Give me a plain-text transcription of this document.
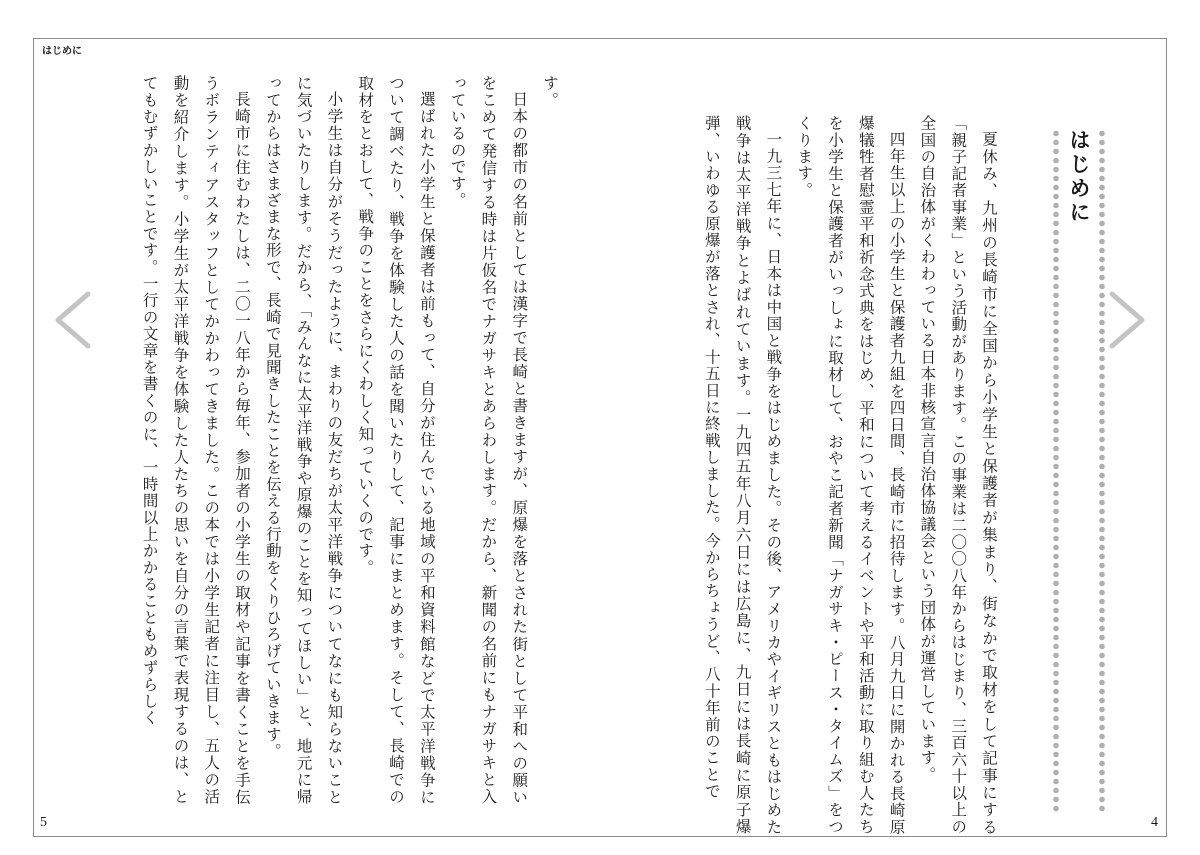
はじめに

す。

日本の都市の名前としては漢字で長崎と書きますが、原爆を落とされた街として平和への願いをこめて発信する時は片仮名でナガサキとあらわします。だから、新聞の名前にもナガサキと入っているのです。

選ばれた小学生と保護者は前もって、自分が住んでいる地域の平和資料館などで太平洋戦争について調べたり、戦争を体験した人の話を聞いたりして、記事にまとめます。そして、長崎での取材をとおして、戦争のことをさらにくわしく知っていくのです。

小学生は自分がそうだったように、まわりの友だちが太平洋戦争についてなにも知らないことに気づいたりします。だから、「みんなに太平洋戦争や原爆のことを知ってほしい」と、地元に帰ってからはさまざまな形で、長崎で見聞きしたことを伝える行動をくりひろげていきます。

長崎市に住むわたしは、二〇一八年から毎年、参加者の小学生の取材や記事を書くことを手伝うボランティアスタッフとしてかかわってきました。この本では小学生記者に注目し、五人の活動を紹介します。小学生が太平洋戦争を体験した人たちの思いを自分の言葉で表現するのは、とてもむずかしいことです。一行の文章を書くのに、一時間以上かかることもめずらしく

5
はじめに

夏休み、九州の長崎市に全国から小学生と保護者が集まり、街なかで取材をして記事にする「親子記者事業」という活動があります。この事業は二〇〇八年からはじまり、三百六十以上の全国の自治体がくわわっている日本非核宣言自治体協議会という団体が運営しています。

四年生以上の小学生と保護者九組を四日間、長崎市に招待します。八月九日に開かれる長崎原爆犠牲者慰霊平和祈念式典をはじめ、平和について考えるイベントや平和活動に取り組む人たちを小学生と保護者がいっしょに取材して、おやこ記者新聞「ナガサキ・ピース・タイムズ」をつくります。

一九三七年に、日本は中国と戦争をはじめました。その後、アメリカやイギリスともはじめた戦争は太平洋戦争とよばれています。一九四五年八月六日には広島に、九日には長崎に原子爆弾、いわゆる原爆が落とされ、十五日に終戦しました。今からちょうど、八十年前のことで

4
